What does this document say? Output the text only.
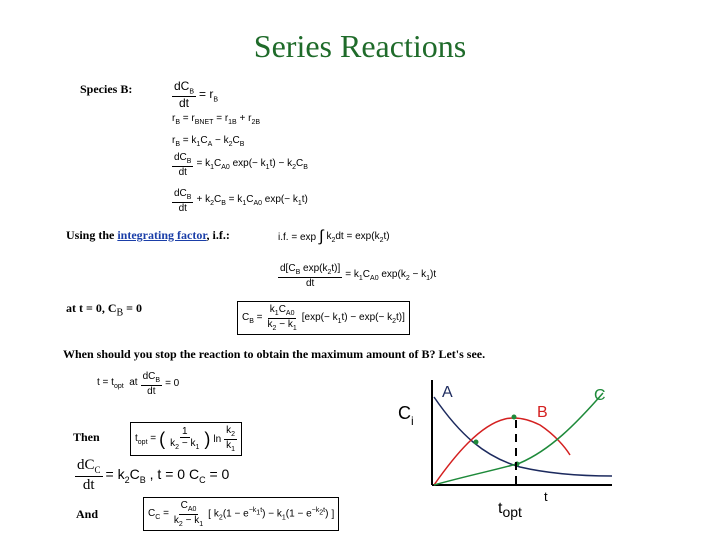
Series Reactions
Species B:	$\frac{dC_B}{dt} = r_B$
$r_B = r_{BNET} = r_{1B} + r_{2B}$
$r_B = k_1C_A - k_2C_B$
$\frac{dC_B}{dt} = k_1C_{A0}$ $\exp(- k_1t) - k_2C_B$
$\frac{dC_B}{dt} + k_2C_B = k_1C_{A0}$ $\exp(- k_1t)$
Using the integrating factor, i.f.:	i.f. = exp ∫ $k_2dt = \exp(k_2t)$
$\frac{d[C_B \exp(k_2t)]}{dt} = k_1C_{A0}$ $\exp(k_2 - k_1)t$
at t = 0, $C_B = 0$
$C_B = \frac{k_1C_{A0}}{k_2 - k_1} [\exp(- k_1t) - \exp(- k_2t)]$
When should you stop the reaction to obtain the maximum amount of B? Let's see.
$t = t_{opt}$  at $\frac{dC_B}{dt} = 0$
Then	$t_{opt}$ = ( $\frac{1}{k_2 - k_1}$ ) $\ln \frac{k_2}{k_1}$
$\frac{dC_C}{dt} = k_2C_B$ , t = 0 $C_C = 0$
And	$C_C = \frac{C_{A0}}{k_2 - k_1}$ [ $k_2(1 - e^{-k_1t}) - k_1(1 - e^{-k_2t})$ ]
$C_i$
A
B
C
t
topt
